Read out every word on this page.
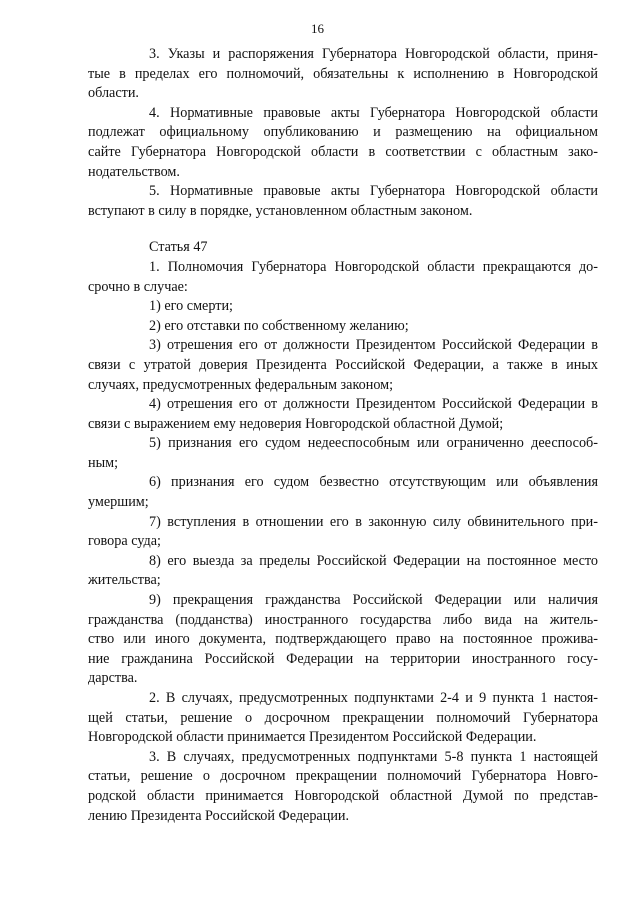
16
3. Указы и распоряжения Губернатора Новгородской области, приня-
тые в пределах его полномочий, обязательны к исполнению в Новгородской
области.
4. Нормативные правовые акты Губернатора Новгородской области
подлежат официальному опубликованию и размещению на официальном
сайте Губернатора Новгородской области в соответствии с областным зако-
нодательством.
5. Нормативные правовые акты Губернатора Новгородской области
вступают в силу в порядке, установленном областным законом.
Статья 47
1. Полномочия Губернатора Новгородской области прекращаются до-
срочно в случае:
1) его смерти;
2) его отставки по собственному желанию;
3) отрешения его от должности Президентом Российской Федерации в
связи с утратой доверия Президента Российской Федерации, а также в иных
случаях, предусмотренных федеральным законом;
4) отрешения его от должности Президентом Российской Федерации в
связи с выражением ему недоверия Новгородской областной Думой;
5) признания его судом недееспособным или ограниченно дееспособ-
ным;
6) признания его судом безвестно отсутствующим или объявления
умершим;
7) вступления в отношении его в законную силу обвинительного при-
говора суда;
8) его выезда за пределы Российской Федерации на постоянное место
жительства;
9) прекращения гражданства Российской Федерации или наличия
гражданства (подданства) иностранного государства либо вида на житель-
ство или иного документа, подтверждающего право на постоянное прожива-
ние гражданина Российской Федерации на территории иностранного госу-
дарства.
2. В случаях, предусмотренных подпунктами 2-4 и 9 пункта 1 настоя-
щей статьи, решение о досрочном прекращении полномочий Губернатора
Новгородской области принимается Президентом Российской Федерации.
3. В случаях, предусмотренных подпунктами 5-8 пункта 1 настоящей
статьи, решение о досрочном прекращении полномочий Губернатора Новго-
родской области принимается Новгородской областной Думой по представ-
лению Президента Российской Федерации.
